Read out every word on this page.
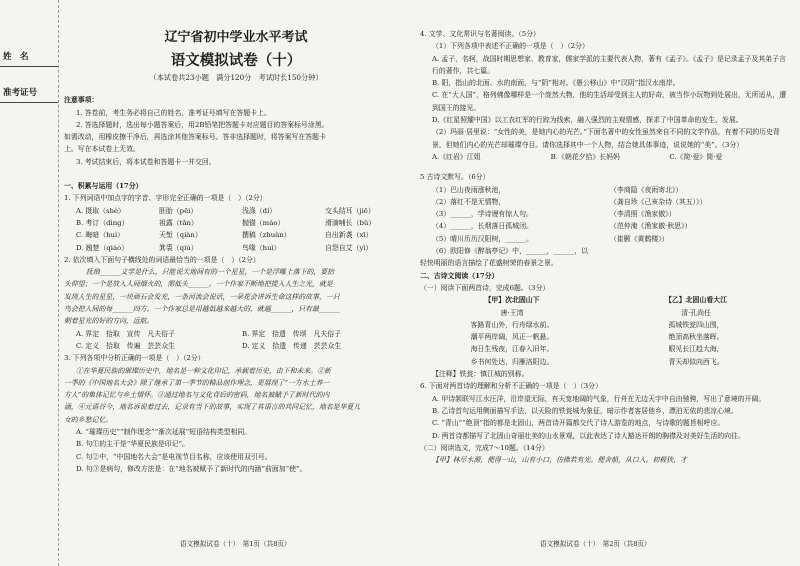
姓　名
准考证号

辽宁省初中学业水平考试

语文模拟试卷（十）

（本试卷共23小题　满分120分　考试时长150分钟）

注意事项：

1. 答卷前，考生务必将自己的姓名、准考证号填写在答题卡上。

2. 答选择题时，选出每小题答案后，用2B铅笔把答题卡对应题目的答案标号涂黑。

如需改动，用橡皮擦干净后，再选涂其他答案标号。答非选择题时，将答案写在答题卡

上。写在本试卷上无效。

3. 考试结束后，将本试卷和答题卡一并交回。

一、积累与运用（17分）

1. 下列词语中加点字的字音、字形完全正确的一项是（　）（2分）

A. 摄取（shè）	胚胎（pēi）	浅涤（dí）	交头结耳（jiē）
B. 考订（dìng）	祖露（tǎn）	抛锚（máo）	滑滴哺长（bǔ）
C. 晦暗（huì）	天堑（qiàn）	撰稿（zhuàn）	自出新袭（xī）
D. 翘楚（qiáo）	箕裘（qiú）	鸟喙（huì）	自怨自艾（yì）

2. 依次填入下面句子横线处的词语最恰当的一项是（　）（2分）

抚琅______文学是什么，只能说天地间有的一个星星，一个是浮雕上落下的，要抬

头仰望；一个是放入人间烟火的，需低头______。一个作家不断地把提入人生之光，就是

发现人生的星星，一块顽石会发光，一条河流会说话，一朵花会讲诉生命这样的故事，一只

鸟会把人间的每______四方。一个作家总是用越低越来越大的，就越______，只有最______

朝着星光的好的方向，远航。

A. 界定　拾取　宣传　凡夫俗子	B. 界定　拾遗　传颂　凡夫俗子
C. 定义　拾取　传遍　芸芸众生	D. 定义　拾遗　传递　芸芸众生

3. 下列各项中分析正确的一项是（　）（2分）

①在华夏民族的璀璨历史中，地名是一种文化印记，承载着历史，由下和未来。②新

一季的《中国地名大会》除了继承了第一季节的精品创作理念，更展现了“一方水土养一

方人”的集体记忆与乡土情怀。③通过地名与文化背后的密码，地名被赋予了新时代的内

涵，④元语谷今，地名诉说着过去，记录有当下的故事，实现了其语言的共同记忆，地名是华夏儿

女的乡愁记忆。

A. “璀璨历史”“制作理念”“渐次延展”短语结构类型相同。

B. 句①的主干是“华夏民族是印记”。

C. 句②中，“中国地名大会”是电视节目名称，应该使用双引号。

D. 句③是病句，修改方法是：在“地名被赋予了新时代的内涵”前面加“使”。

4. 文学、文化常识与名著阅读。（5分）

（1）下列各项中表述不正确的一项是（　）（2分）

A. 孟子，名轲，战国时期思想家、教育家，儒家学派的主要代表人物，著有《孟子》。《孟子》是记录孟子及其弟子言行的著作，共七篇。

B. 阳，指山的北面、水的南面，与“阴”相对。《愚公移山》中“汉阴”指汉水南岸。

C. 在“大人国”，格列佛像哪样是一个庞然大物，他的生活却受到主人的好奇，被当作小玩物到处展出，无所适从，遭到国王的接见。

D.《红星照耀中国》以工农红军的行踪为线索，融入强烈的主观情感，探求了中国革命的发生、发展。

（2）玛丽·居里说：“女性的美，是她内心的光芒。”下面名著中的女性虽然来自不同的文学作品，有着不同的历史背景，但她们内心的光芒却璀璨夺目。请你选择其中一个人物，结合她具体事迹，说说她的“美”。（3分）

A.《红岩》江姐	B.《朝花夕拾》长妈妈	C.《简·爱》简·爱

5 古诗文默写。（6分）

（1）巴山夜雨涨秋池，	（李商隐《夜雨寄北》）
（2）落红不是无情物，	（龚自珍《己亥杂诗（其五）》）
（3）______，学诗谩有惊人句。	（李清照《渔家傲》）
（4）______，长烟落日孤城闭。	（范仲淹《渔家傲·秋思》）
（5）晴川历历汉阳树，______。	（崔颢《黄鹤楼》）

（6）欧阳修《醉翁亭记》中，______，______，以

轻快明丽的语言描绘了花盛树荣的春景之景。

二、古诗文阅读（17分）

（一）阅读下面两首诗，完成6题。（3分）

【甲】次北固山下

唐·王湾

客路青山外，行舟绿水前。

潮平两岸阔，风正一帆悬。

海日生残夜，江春入旧年。

乡书何处达，归雁洛阳边。

【乙】北固山看大江

清·孔尚任

孤城铁瓮四山围，

绝顶高秋坐落晖。

眼见长江趋大海，

青天却似向西飞。

【注释】铁瓮：镇江城的别称。

6. 下面对两首诗的理解和分析不正确的一项是（　）（3分）

A. 甲诗颔联写江水汪洋，沿岸望无际，有天宽地阔的气象，行舟在无边天宇中自由驰骋，写出了意境的开阔。

B. 乙诗首句运用侧面描写手法，以天险的铁瓮城为象征，暗示作者客居他乡、漂泊无依的悲凉心境。

C. “青山”“绝顶”指的都是北固山，两首诗开篇都交代了诗人游览的地点，与诗歌的题旨相呼应。

D. 两首诗都描写了北固山奇丽壮美的山水景观，以此表达了诗人豁达开朗的胸襟及对美好生活的向往。

（二）阅读选文，完成7～10题。（14分）

【甲】林尽水源，便得一山，山有小口，仿佛若有光。便舍船，从口入。初极狭，才

语文模拟试卷（十）　第1页（共8页）	语文模拟试卷（十）　第2页（共8页）
